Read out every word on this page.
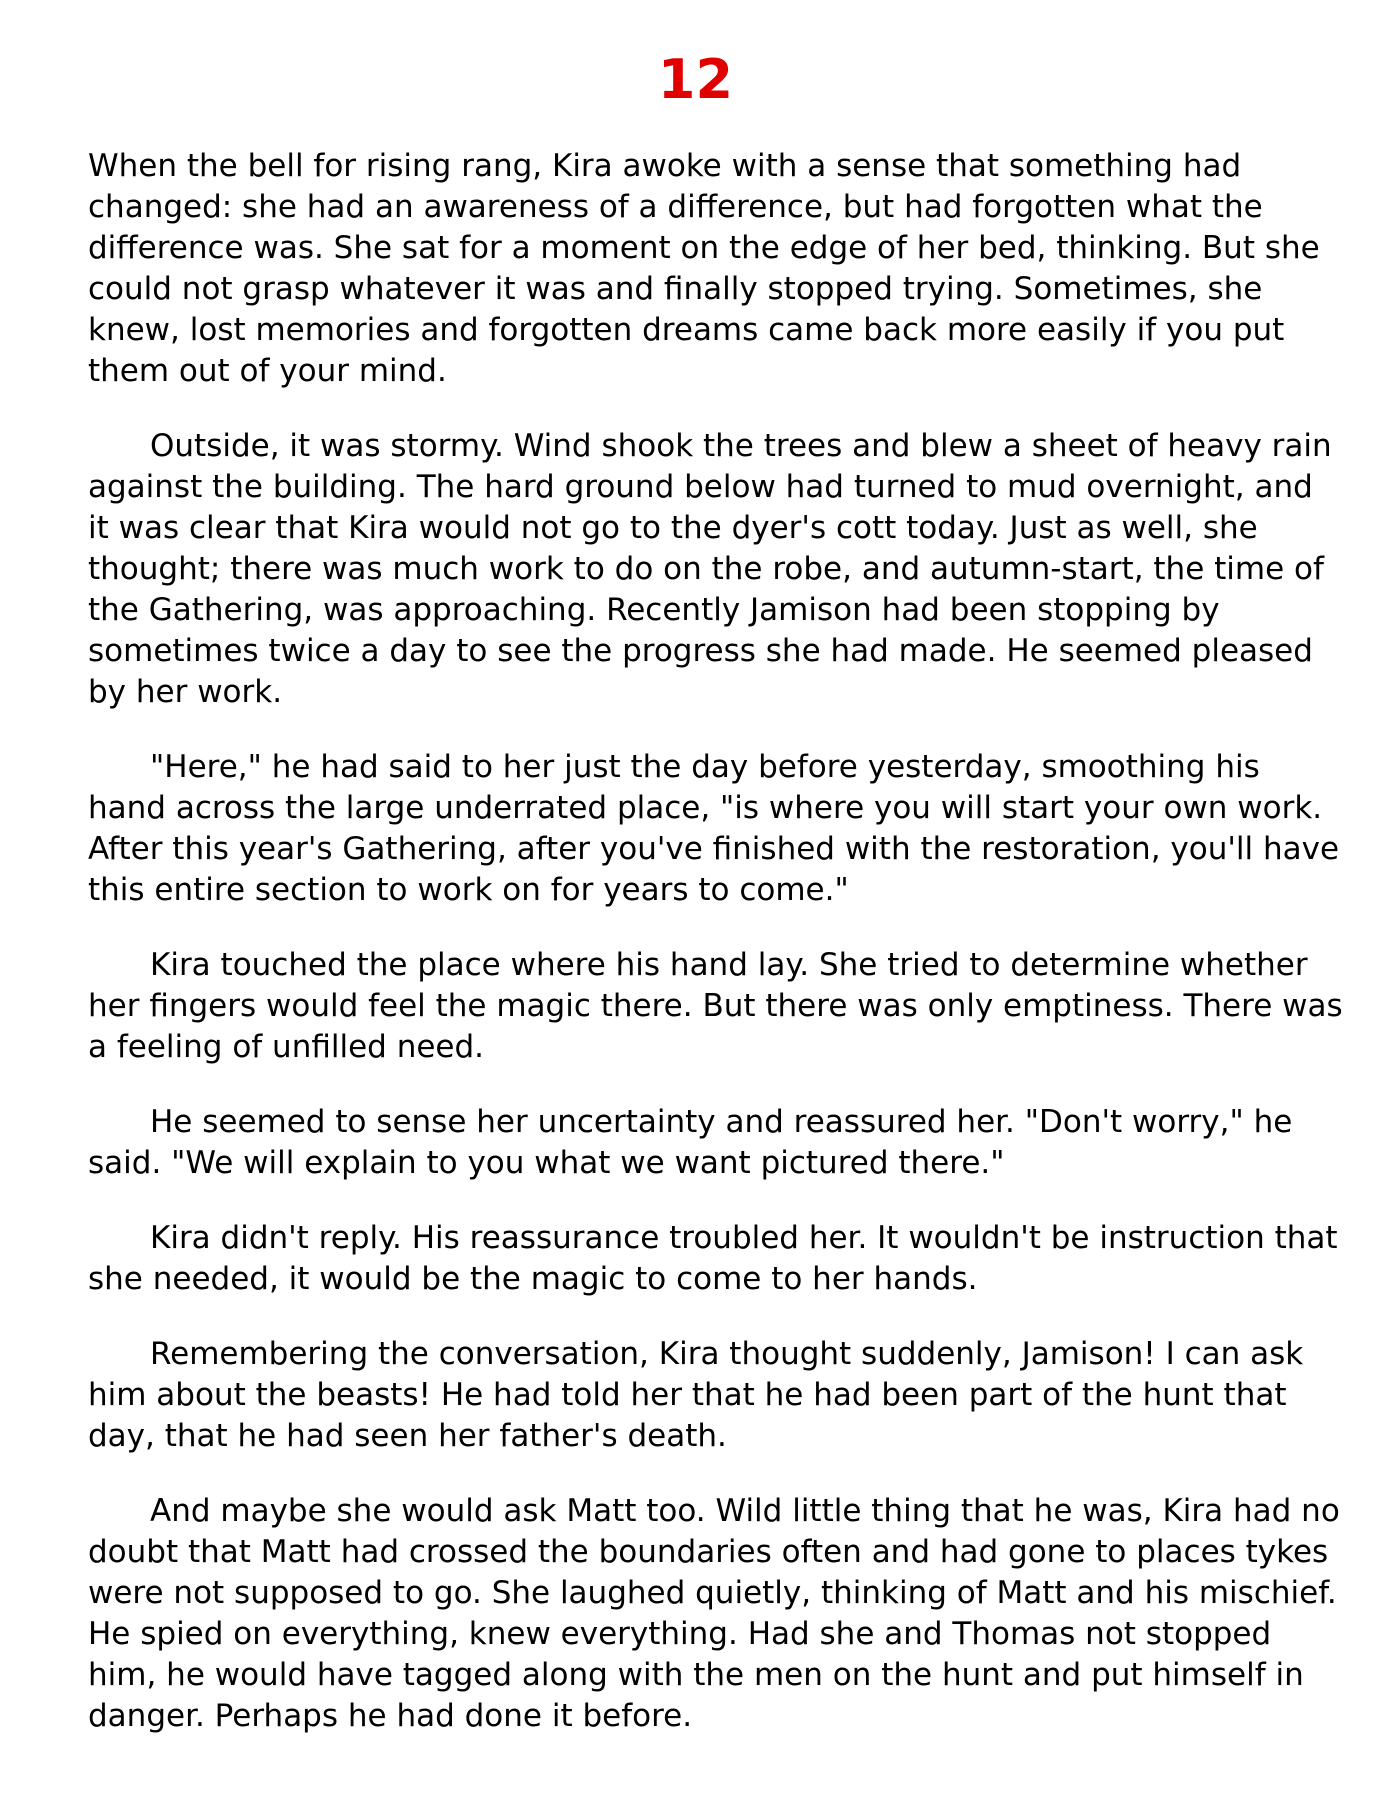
12

When the bell for rising rang, Kira awoke with a sense that something had changed: she had an awareness of a difference, but had forgotten what the difference was. She sat for a moment on the edge of her bed, thinking. But she could not grasp whatever it was and finally stopped trying. Sometimes, she knew, lost memories and forgotten dreams came back more easily if you put them out of your mind.

Outside, it was stormy. Wind shook the trees and blew a sheet of heavy rain against the building. The hard ground below had turned to mud overnight, and it was clear that Kira would not go to the dyer's cott today. Just as well, she thought; there was much work to do on the robe, and autumn-start, the time of the Gathering, was approaching. Recently Jamison had been stopping by sometimes twice a day to see the progress she had made. He seemed pleased by her work.

"Here," he had said to her just the day before yesterday, smoothing his hand across the large underrated place, "is where you will start your own work. After this year's Gathering, after you've finished with the restoration, you'll have this entire section to work on for years to come."

Kira touched the place where his hand lay. She tried to determine whether her fingers would feel the magic there. But there was only emptiness. There was a feeling of unfilled need.

He seemed to sense her uncertainty and reassured her. "Don't worry," he said. "We will explain to you what we want pictured there."

Kira didn't reply. His reassurance troubled her. It wouldn't be instruction that she needed, it would be the magic to come to her hands.

Remembering the conversation, Kira thought suddenly, Jamison! I can ask him about the beasts! He had told her that he had been part of the hunt that day, that he had seen her father's death.

And maybe she would ask Matt too. Wild little thing that he was, Kira had no doubt that Matt had crossed the boundaries often and had gone to places tykes were not supposed to go. She laughed quietly, thinking of Matt and his mischief. He spied on everything, knew everything. Had she and Thomas not stopped him, he would have tagged along with the men on the hunt and put himself in danger. Perhaps he had done it before.
